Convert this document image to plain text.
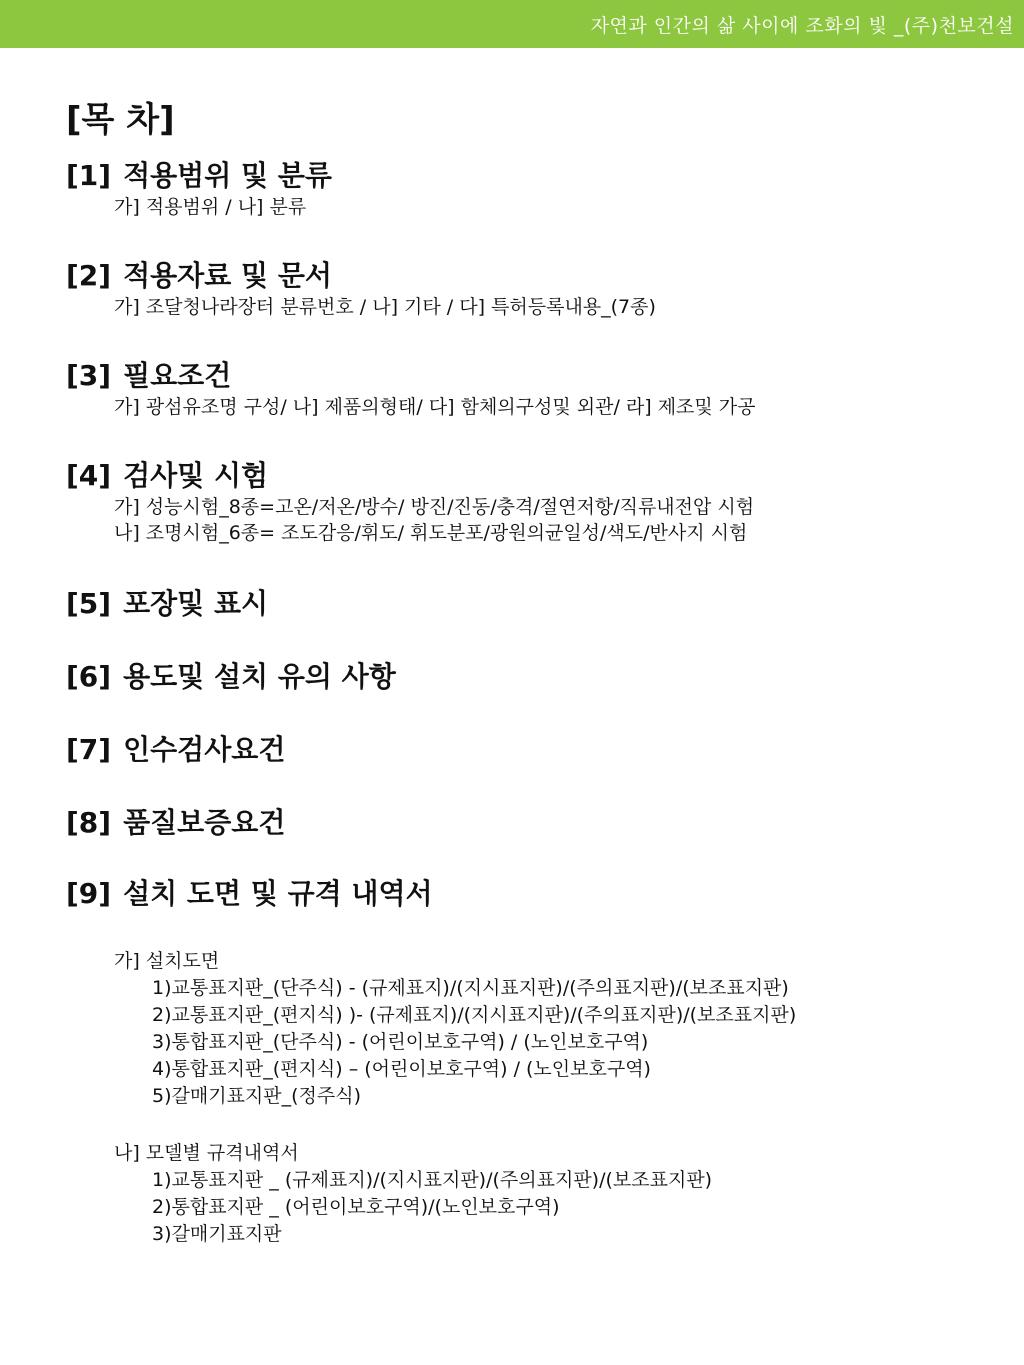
자연과 인간의 삶 사이에 조화의 빛 _(주)천보건설
[목 차]
[1] 적용범위 및 분류
가] 적용범위 / 나] 분류
[2] 적용자료 및 문서
가] 조달청나라장터 분류번호 / 나] 기타 / 다] 특허등록내용_(7종)
[3] 필요조건
가] 광섬유조명 구성/ 나] 제품의형태/ 다] 함체의구성및 외관/ 라] 제조및 가공
[4] 검사및 시험
가] 성능시험_8종=고온/저온/방수/ 방진/진동/충격/절연저항/직류내전압 시험
나] 조명시험_6종= 조도감응/휘도/ 휘도분포/광원의균일성/색도/반사지 시험
[5] 포장및 표시
[6] 용도및 설치 유의 사항
[7] 인수검사요건
[8] 품질보증요건
[9] 설치 도면 및 규격 내역서
가] 설치도면
1)교통표지판_(단주식) - (규제표지)/(지시표지판)/(주의표지판)/(보조표지판)
2)교통표지판_(편지식) )- (규제표지)/(지시표지판)/(주의표지판)/(보조표지판)
3)통합표지판_(단주식) - (어린이보호구역) / (노인보호구역)
4)통합표지판_(편지식) – (어린이보호구역) / (노인보호구역)
5)갈매기표지판_(정주식)
나] 모델별 규격내역서
1)교통표지판 _ (규제표지)/(지시표지판)/(주의표지판)/(보조표지판)
2)통합표지판 _ (어린이보호구역)/(노인보호구역)
3)갈매기표지판
